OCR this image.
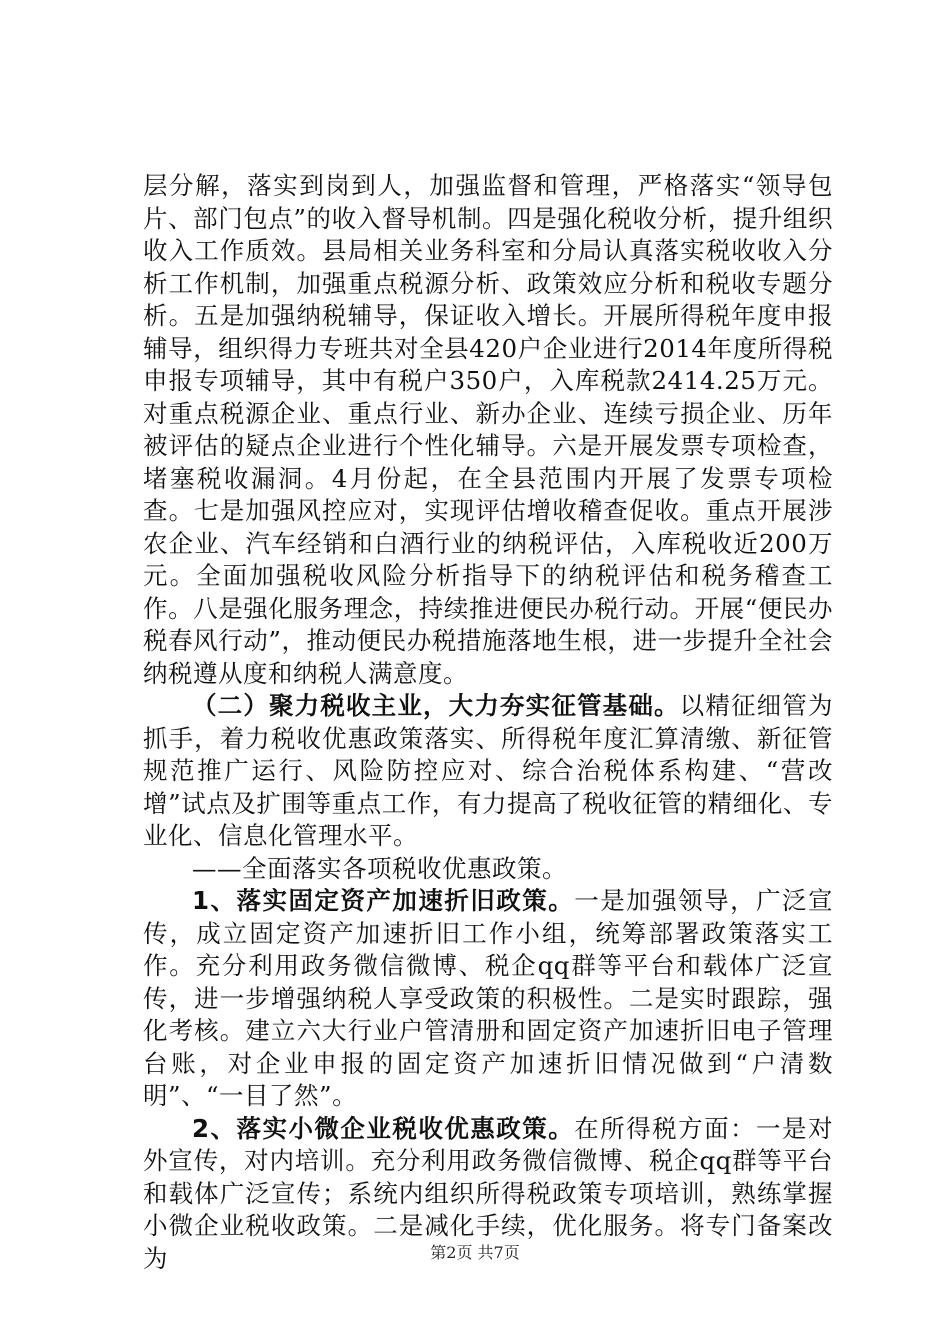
层分解，落实到岗到人，加强监督和管理，严格落实“领导包片、部门包点”的收入督导机制。四是强化税收分析，提升组织收入工作质效。县局相关业务科室和分局认真落实税收收入分析工作机制，加强重点税源分析、政策效应分析和税收专题分析。五是加强纳税辅导，保证收入增长。开展所得税年度申报辅导，组织得力专班共对全县420户企业进行2014年度所得税申报专项辅导，其中有税户350户，入库税款2414.25万元。对重点税源企业、重点行业、新办企业、连续亏损企业、历年被评估的疑点企业进行个性化辅导。六是开展发票专项检查，堵塞税收漏洞。4月份起，在全县范围内开展了发票专项检查。七是加强风控应对，实现评估增收稽查促收。重点开展涉农企业、汽车经销和白酒行业的纳税评估，入库税收近200万元。全面加强税收风险分析指导下的纳税评估和税务稽查工作。八是强化服务理念，持续推进便民办税行动。开展“便民办税春风行动”，推动便民办税措施落地生根，进一步提升全社会纳税遵从度和纳税人满意度。

（二）聚力税收主业，大力夯实征管基础。以精征细管为抓手，着力税收优惠政策落实、所得税年度汇算清缴、新征管规范推广运行、风险防控应对、综合治税体系构建、“营改增”试点及扩围等重点工作，有力提高了税收征管的精细化、专业化、信息化管理水平。

——全面落实各项税收优惠政策。

1、落实固定资产加速折旧政策。一是加强领导，广泛宣传，成立固定资产加速折旧工作小组，统筹部署政策落实工作。充分利用政务微信微博、税企qq群等平台和载体广泛宣传，进一步增强纳税人享受政策的积极性。二是实时跟踪，强化考核。建立六大行业户管清册和固定资产加速折旧电子管理台账，对企业申报的固定资产加速折旧情况做到“户清数明”、“一目了然”。

2、落实小微企业税收优惠政策。在所得税方面：一是对外宣传，对内培训。充分利用政务微信微博、税企qq群等平台和载体广泛宣传；系统内组织所得税政策专项培训，熟练掌握小微企业税收政策。二是减化手续，优化服务。将专门备案改为	第2页 共7页
